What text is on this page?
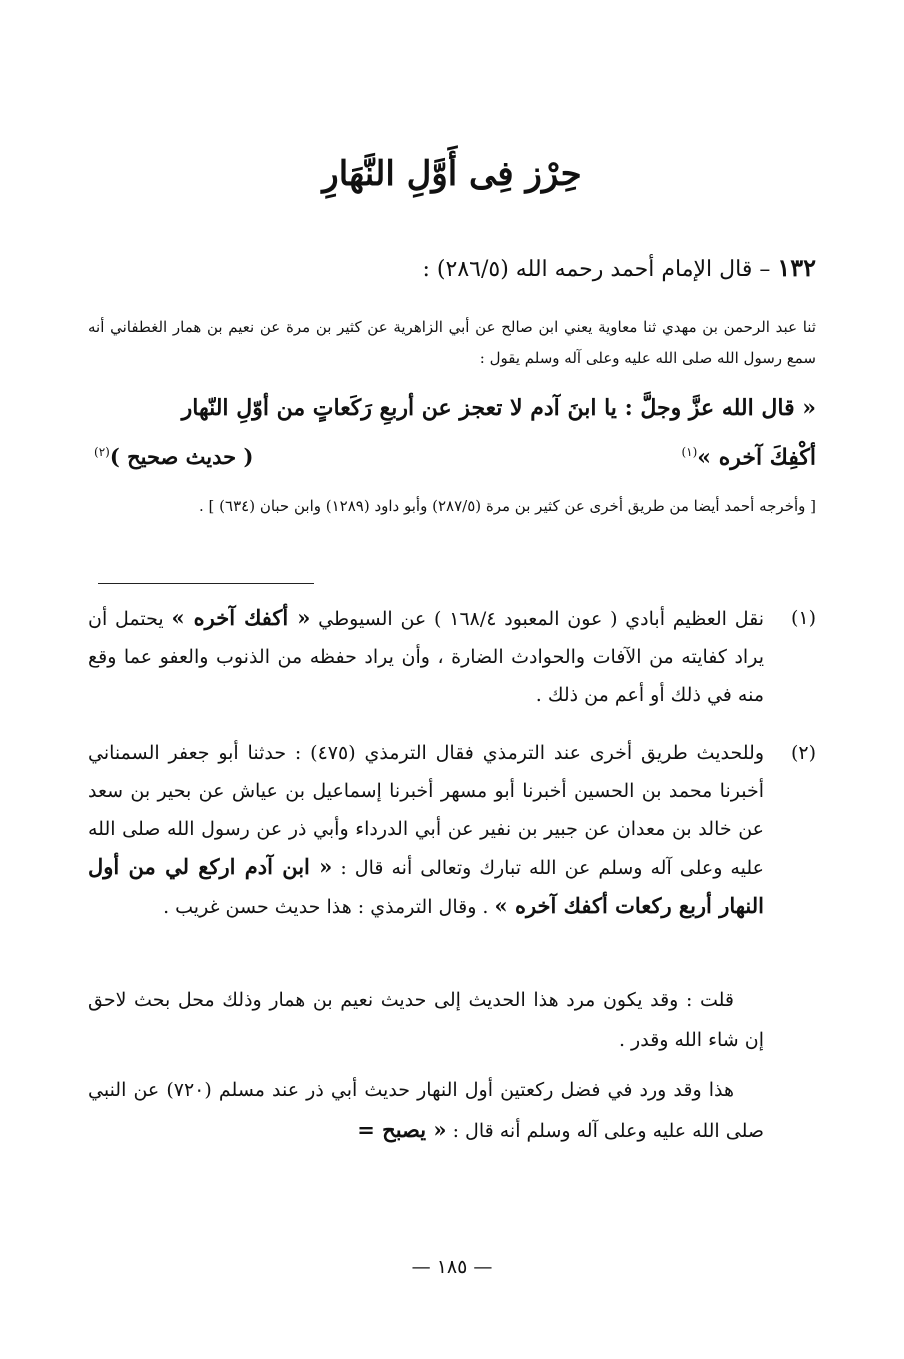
حِرْز فِى أَوَّلِ النَّهَارِ
١٣٢ – قال الإمام أحمد رحمه الله (٢٨٦/٥) :
ثنا عبد الرحمن بن مهدي ثنا معاوية يعني ابن صالح عن أبي الزاهرية عن كثير بن مرة عن نعيم بن همار الغطفاني أنه سمع رسول الله صلى الله عليه وعلى آله وسلم يقول :
« قال الله عزَّ وجلَّ : يا ابنَ آدم لا تعجز عن أربعِ رَكَعاتٍ من أوّلِ النّهار
أكْفِكَ آخره »$^{(١)}$
( حديث صحيح )$^{(٢)}$
[ وأخرجه أحمد أيضا من طريق أخرى عن كثير بن مرة (٢٨٧/٥) وأبو داود (١٢٨٩) وابن حبان (٦٣٤) ] .
(١)
نقل العظيم أبادي ( عون المعبود ١٦٨/٤ ) عن السيوطي « أكفك آخره » يحتمل أن يراد كفايته من الآفات والحوادث الضارة ، وأن يراد حفظه من الذنوب والعفو عما وقع منه في ذلك أو أعم من ذلك .
(٢)
وللحديث طريق أخرى عند الترمذي فقال الترمذي (٤٧٥) : حدثنا أبو جعفر السمناني أخبرنا محمد بن الحسين أخبرنا أبو مسهر أخبرنا إسماعيل بن عياش عن بحير بن سعد عن خالد بن معدان عن جبير بن نفير عن أبي الدرداء وأبي ذر عن رسول الله صلى الله عليه وعلى آله وسلم عن الله تبارك وتعالى أنه قال : « ابن آدم اركع لي من أول النهار أربع ركعات أكفك آخره » . وقال الترمذي : هذا حديث حسن غريب .
قلت : وقد يكون مرد هذا الحديث إلى حديث نعيم بن همار وذلك محل بحث لاحق إن شاء الله وقدر .
هذا وقد ورد في فضل ركعتين أول النهار حديث أبي ذر عند مسلم (٧٢٠) عن النبي صلى الله عليه وعلى آله وسلم أنه قال : « يصبح =
— ١٨٥ —
